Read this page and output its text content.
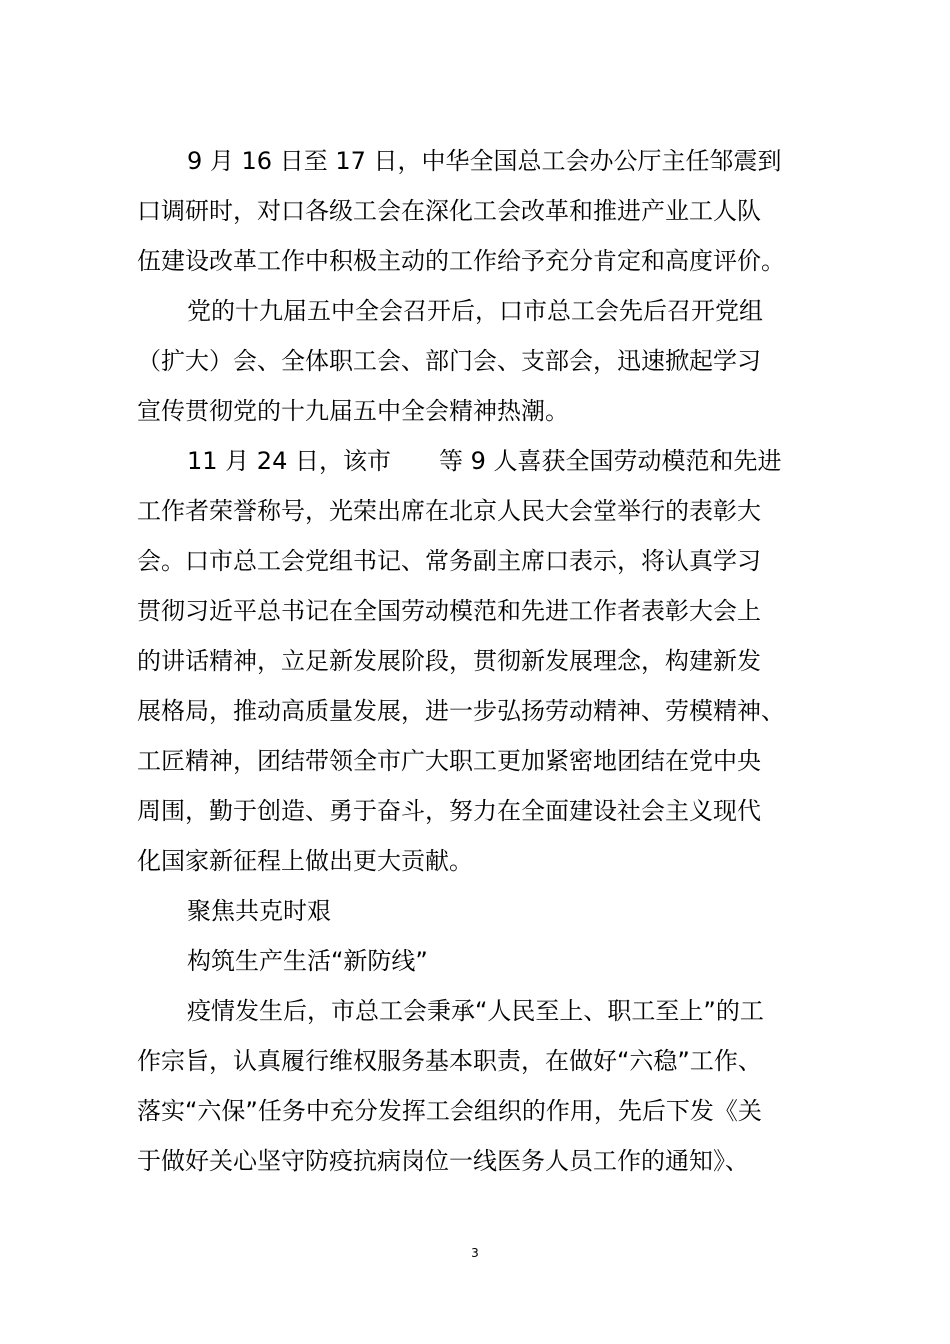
9 月 16 日至 17 日，中华全国总工会办公厅主任邹震到
口调研时，对口各级工会在深化工会改革和推进产业工人队
伍建设改革工作中积极主动的工作给予充分肯定和高度评价。
党的十九届五中全会召开后，口市总工会先后召开党组
（扩大）会、全体职工会、部门会、支部会，迅速掀起学习
宣传贯彻党的十九届五中全会精神热潮。
11 月 24 日，该市　　等 9 人喜获全国劳动模范和先进
工作者荣誉称号，光荣出席在北京人民大会堂举行的表彰大
会。口市总工会党组书记、常务副主席口表示，将认真学习
贯彻习近平总书记在全国劳动模范和先进工作者表彰大会上
的讲话精神，立足新发展阶段，贯彻新发展理念，构建新发
展格局，推动高质量发展，进一步弘扬劳动精神、劳模精神、
工匠精神，团结带领全市广大职工更加紧密地团结在党中央
周围，勤于创造、勇于奋斗，努力在全面建设社会主义现代
化国家新征程上做出更大贡献。
聚焦共克时艰
构筑生产生活“新防线”
疫情发生后，市总工会秉承“人民至上、职工至上”的工
作宗旨，认真履行维权服务基本职责，在做好“六稳”工作、
落实“六保”任务中充分发挥工会组织的作用，先后下发《关
于做好关心坚守防疫抗病岗位一线医务人员工作的通知》、
3
